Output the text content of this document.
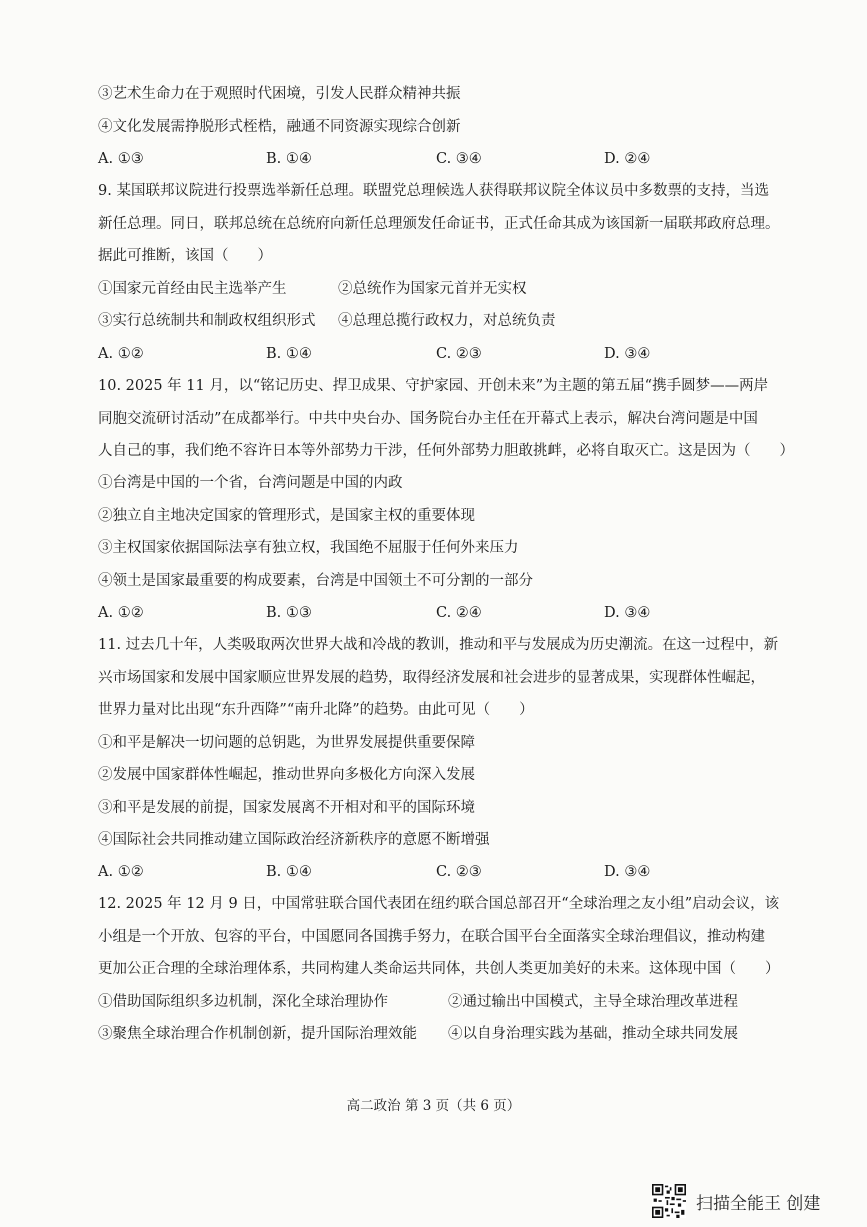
③艺术生命力在于观照时代困境，引发人民群众精神共振
④文化发展需挣脱形式桎梏，融通不同资源实现综合创新
A. ①③	B. ①④	C. ③④	D. ②④
9. 某国联邦议院进行投票选举新任总理。联盟党总理候选人获得联邦议院全体议员中多数票的支持，当选
新任总理。同日，联邦总统在总统府向新任总理颁发任命证书，正式任命其成为该国新一届联邦政府总理。
据此可推断，该国（　　）
①国家元首经由民主选举产生	②总统作为国家元首并无实权
③实行总统制共和制政权组织形式 ④总理总揽行政权力，对总统负责
A. ①②	B. ①④	C. ②③	D. ③④
10. 2025 年 11 月，以“铭记历史、捍卫成果、守护家园、开创未来”为主题的第五届“携手圆梦——两岸
同胞交流研讨活动”在成都举行。中共中央台办、国务院台办主任在开幕式上表示，解决台湾问题是中国
人自己的事，我们绝不容许日本等外部势力干涉，任何外部势力胆敢挑衅，必将自取灭亡。这是因为（　　）
①台湾是中国的一个省，台湾问题是中国的内政
②独立自主地决定国家的管理形式，是国家主权的重要体现
③主权国家依据国际法享有独立权，我国绝不屈服于任何外来压力
④领土是国家最重要的构成要素，台湾是中国领土不可分割的一部分
A. ①②	B. ①③	C. ②④	D. ③④
11. 过去几十年，人类吸取两次世界大战和冷战的教训，推动和平与发展成为历史潮流。在这一过程中，新
兴市场国家和发展中国家顺应世界发展的趋势，取得经济发展和社会进步的显著成果，实现群体性崛起，
世界力量对比出现“东升西降”“南升北降”的趋势。由此可见（　　）
①和平是解决一切问题的总钥匙，为世界发展提供重要保障
②发展中国家群体性崛起，推动世界向多极化方向深入发展
③和平是发展的前提，国家发展离不开相对和平的国际环境
④国际社会共同推动建立国际政治经济新秩序的意愿不断增强
A. ①②	B. ①④	C. ②③	D. ③④
12. 2025 年 12 月 9 日，中国常驻联合国代表团在纽约联合国总部召开“全球治理之友小组”启动会议，该
小组是一个开放、包容的平台，中国愿同各国携手努力，在联合国平台全面落实全球治理倡议，推动构建
更加公正合理的全球治理体系，共同构建人类命运共同体，共创人类更加美好的未来。这体现中国（　　）
①借助国际组织多边机制，深化全球治理协作	②通过输出中国模式，主导全球治理改革进程
③聚焦全球治理合作机制创新，提升国际治理效能 ④以自身治理实践为基础，推动全球共同发展
高二政治 第 3 页（共 6 页）
扫描全能王 创建
